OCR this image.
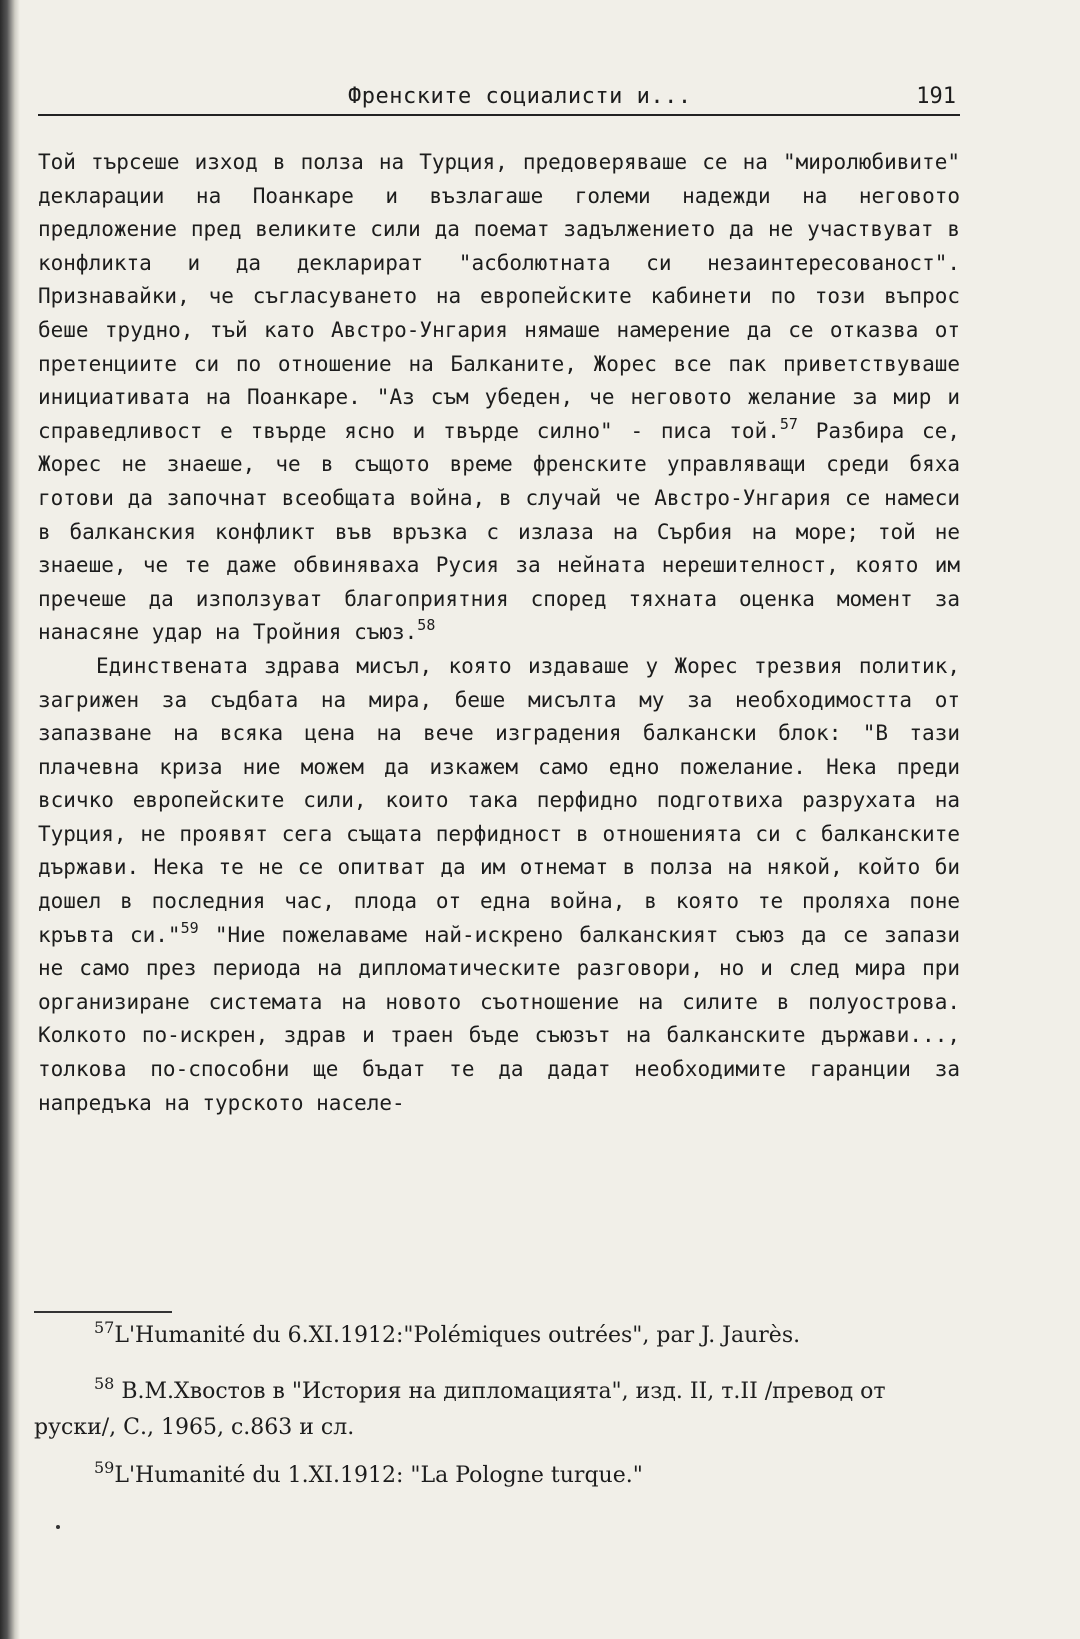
Френските социалисти и...	191

Той търсеше изход в полза на Турция, предоверяваше се на "миролюбивите" декларации на Поанкаре и възлагаше големи надежди на неговото предложение пред великите сили да поемат задължението да не участвуват в конфликта и да декларират "асболютната си незаинтересованост". Признавайки, че съгласуването на европейските кабинети по този въпрос беше трудно, тъй като Австро-Унгария нямаше намерение да се отказва от претенциите си по отношение на Балканите, Жорес все пак приветствуваше инициативата на Поанкаре. "Аз съм убеден, че неговото желание за мир и справедливост е твърде ясно и твърде силно" - писа той.$^{57}$ Разбира се, Жорес не знаеше, че в същото време френските управляващи среди бяха готови да започнат всеобщата война, в случай че Австро-Унгария се намеси в балканския конфликт във връзка с излаза на Сърбия на море; той не знаеше, че те даже обвиняваха Русия за нейната нерешителност, която им пречеше да използуват благоприятния според тяхната оценка момент за нанасяне удар на Тройния съюз.$^{58}$

Единствената здрава мисъл, която издаваше у Жорес трезвия политик, загрижен за съдбата на мира, беше мисълта му за необходимостта от запазване на всяка цена на вече изградения балкански блок: "В тази плачевна криза ние можем да изкажем само едно пожелание. Нека преди всичко европейските сили, които така перфидно подготвиха разрухата на Турция, не проявят сега същата перфидност в отношенията си с балканските държави. Нека те не се опитват да им отнемат в полза на някой, който би дошел в последния час, плода от една война, в която те проляха поне кръвта си."$^{59}$ "Ние пожелаваме най-искрено балканският съюз да се запази не само през периода на дипломатическите разговори, но и след мира при организиране системата на новото съотношение на силите в полуострова. Колкото по-искрен, здрав и траен бъде съюзът на балканските държави..., толкова по-способни ще бъдат те да дадат необходимите гаранции за напредъка на турското населе-

$^{57}$L'Humanité du 6.XI.1912:"Polémiques outrées", par J. Jaurès.

$^{58}$ В.М.Хвостов в "История на дипломацията", изд. II, т.II /превод от руски/, С., 1965, с.863 и сл.

$^{59}$L'Humanité du 1.XI.1912: "La Pologne turque."
